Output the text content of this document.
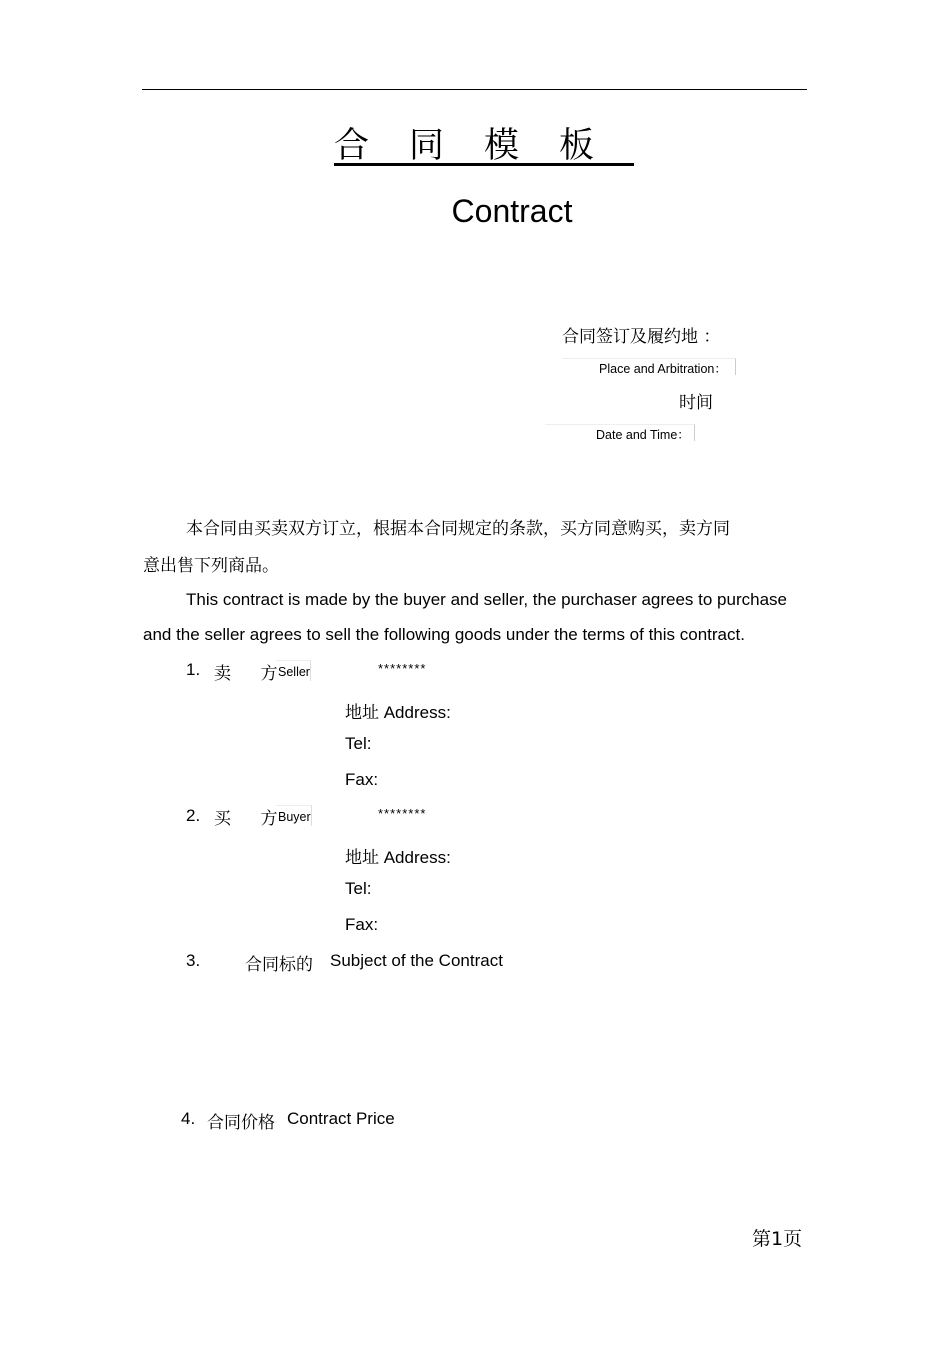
合同模板
Contract
合同签订及履约地 ：
Place and Arbitration：
时间
Date and Time：
本合同由买卖双方订立，根据本合同规定的条款，买方同意购买，卖方同
意出售下列商品。
This contract is made by the buyer and seller, the purchaser agrees to purchase
and the seller agrees to sell the following goods under the terms of this contract.
1. 卖  方 Seller	********
地址 Address:
Tel:
Fax:
2. 买  方 Buyer	********
地址 Address:
Tel:
Fax:
3.	合同标的 Subject of the Contract
4. 合同价格 Contract Price
第1页
